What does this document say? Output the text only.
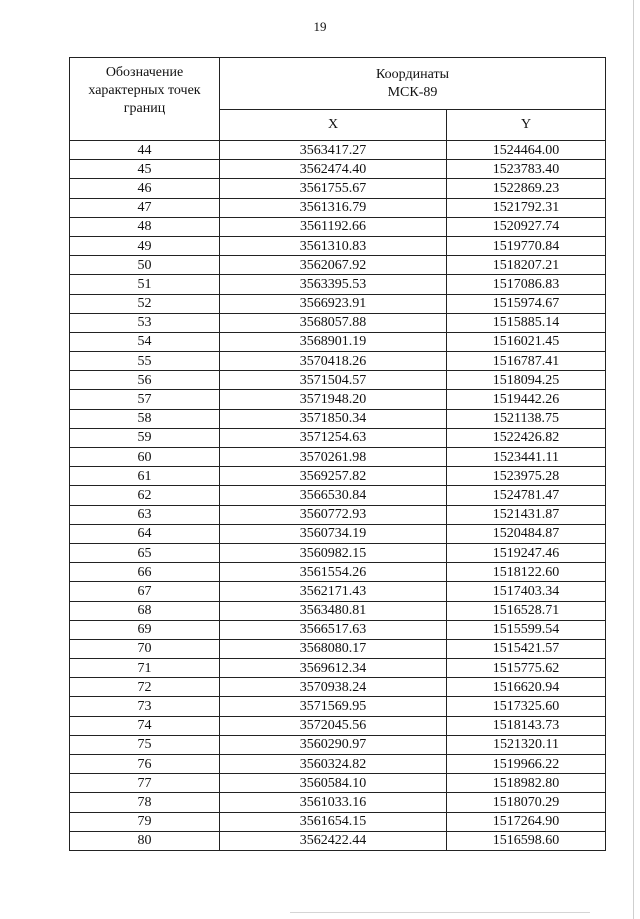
19
Обозначение
характерных точек
границ	Координаты
МСК-89	

	X	Y
44	3563417.27	1524464.00
45	3562474.40	1523783.40
46	3561755.67	1522869.23
47	3561316.79	1521792.31
48	3561192.66	1520927.74
49	3561310.83	1519770.84
50	3562067.92	1518207.21
51	3563395.53	1517086.83
52	3566923.91	1515974.67
53	3568057.88	1515885.14
54	3568901.19	1516021.45
55	3570418.26	1516787.41
56	3571504.57	1518094.25
57	3571948.20	1519442.26
58	3571850.34	1521138.75
59	3571254.63	1522426.82
60	3570261.98	1523441.11
61	3569257.82	1523975.28
62	3566530.84	1524781.47
63	3560772.93	1521431.87
64	3560734.19	1520484.87
65	3560982.15	1519247.46
66	3561554.26	1518122.60
67	3562171.43	1517403.34
68	3563480.81	1516528.71
69	3566517.63	1515599.54
70	3568080.17	1515421.57
71	3569612.34	1515775.62
72	3570938.24	1516620.94
73	3571569.95	1517325.60
74	3572045.56	1518143.73
75	3560290.97	1521320.11
76	3560324.82	1519966.22
77	3560584.10	1518982.80
78	3561033.16	1518070.29
79	3561654.15	1517264.90
80	3562422.44	1516598.60
